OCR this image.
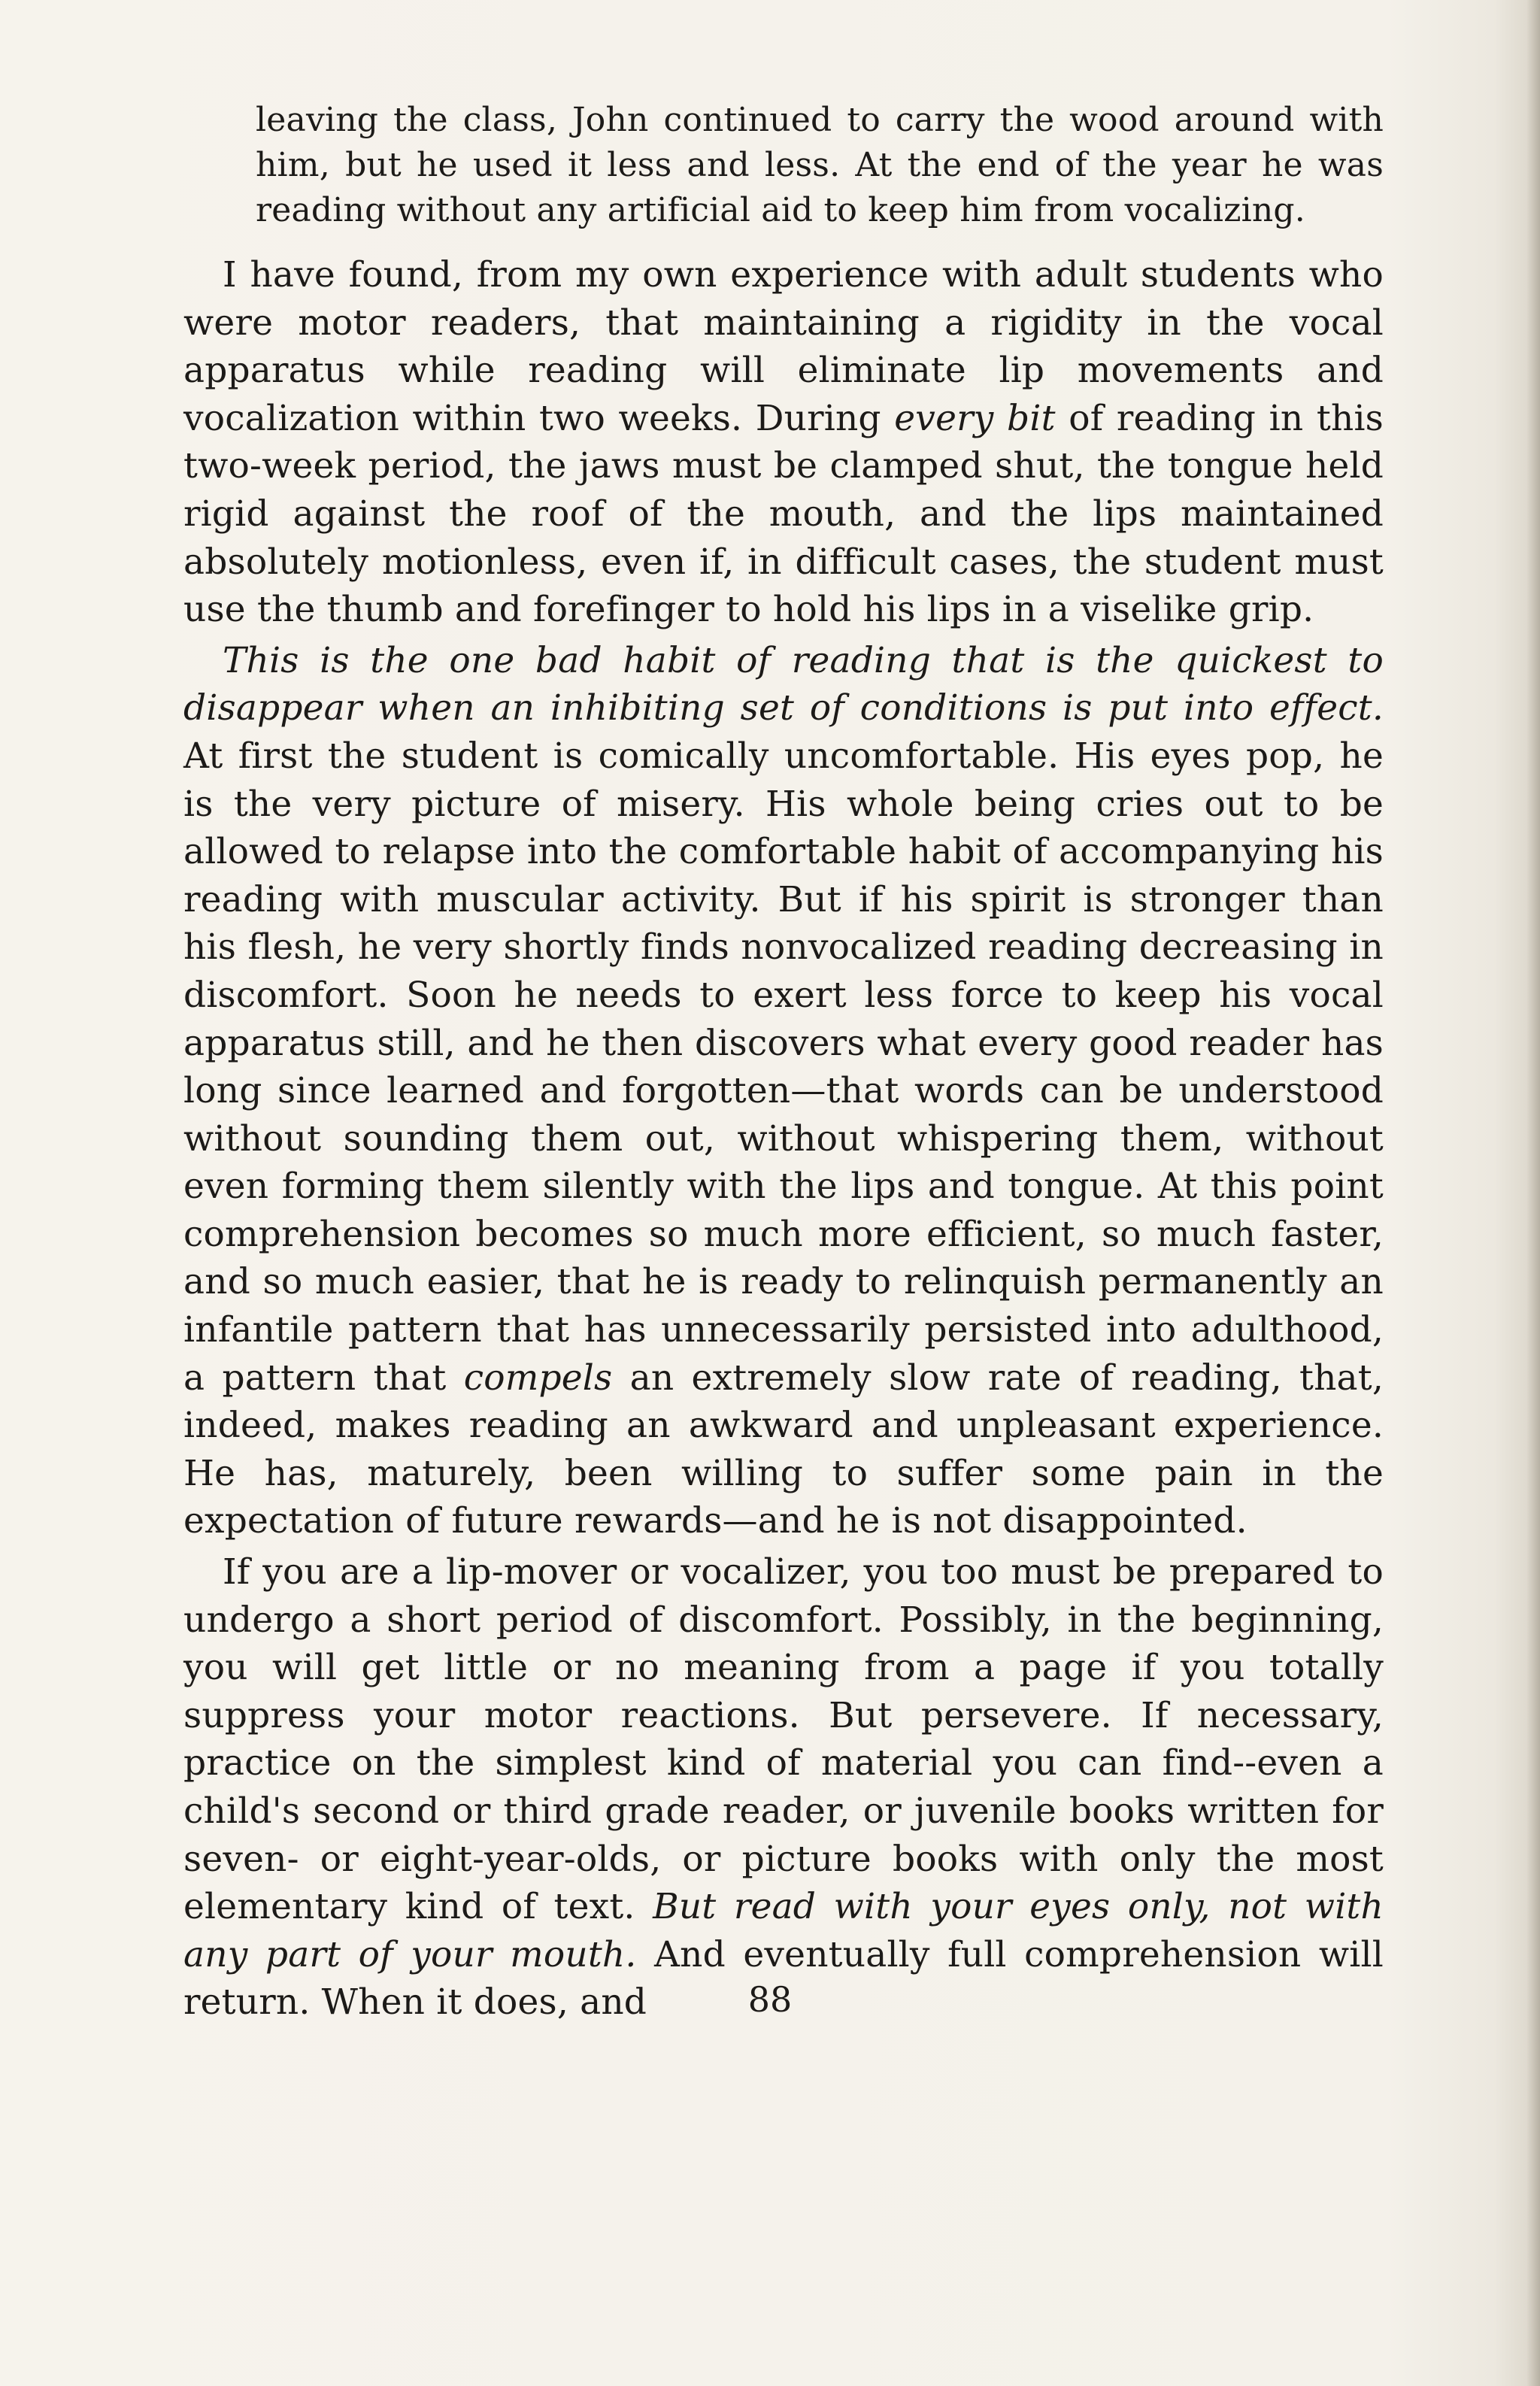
leaving the class, John continued to carry the wood around with him, but he used it less and less. At the end of the year he was reading without any artificial aid to keep him from vocalizing.

I have found, from my own experience with adult students who were motor readers, that maintaining a rigidity in the vocal apparatus while reading will eliminate lip movements and vocalization within two weeks. During every bit of reading in this two-week period, the jaws must be clamped shut, the tongue held rigid against the roof of the mouth, and the lips maintained absolutely motionless, even if, in difficult cases, the student must use the thumb and forefinger to hold his lips in a viselike grip.

This is the one bad habit of reading that is the quickest to disappear when an inhibiting set of conditions is put into effect. At first the student is comically uncomfortable. His eyes pop, he is the very picture of misery. His whole being cries out to be allowed to relapse into the comfortable habit of accompanying his reading with muscular activity. But if his spirit is stronger than his flesh, he very shortly finds nonvocalized reading decreasing in discomfort. Soon he needs to exert less force to keep his vocal apparatus still, and he then discovers what every good reader has long since learned and forgotten—that words can be understood without sounding them out, without whispering them, without even forming them silently with the lips and tongue. At this point comprehension becomes so much more efficient, so much faster, and so much easier, that he is ready to relinquish permanently an infantile pattern that has unnecessarily persisted into adulthood, a pattern that compels an extremely slow rate of reading, that, indeed, makes reading an awkward and unpleasant experience. He has, maturely, been willing to suffer some pain in the expectation of future rewards—and he is not disappointed.

If you are a lip-mover or vocalizer, you too must be prepared to undergo a short period of discomfort. Possibly, in the beginning, you will get little or no meaning from a page if you totally suppress your motor reactions. But persevere. If necessary, practice on the simplest kind of material you can find--even a child's second or third grade reader, or juvenile books written for seven- or eight-year-olds, or picture books with only the most elementary kind of text. But read with your eyes only, not with any part of your mouth. And eventually full comprehension will return. When it does, and	88
